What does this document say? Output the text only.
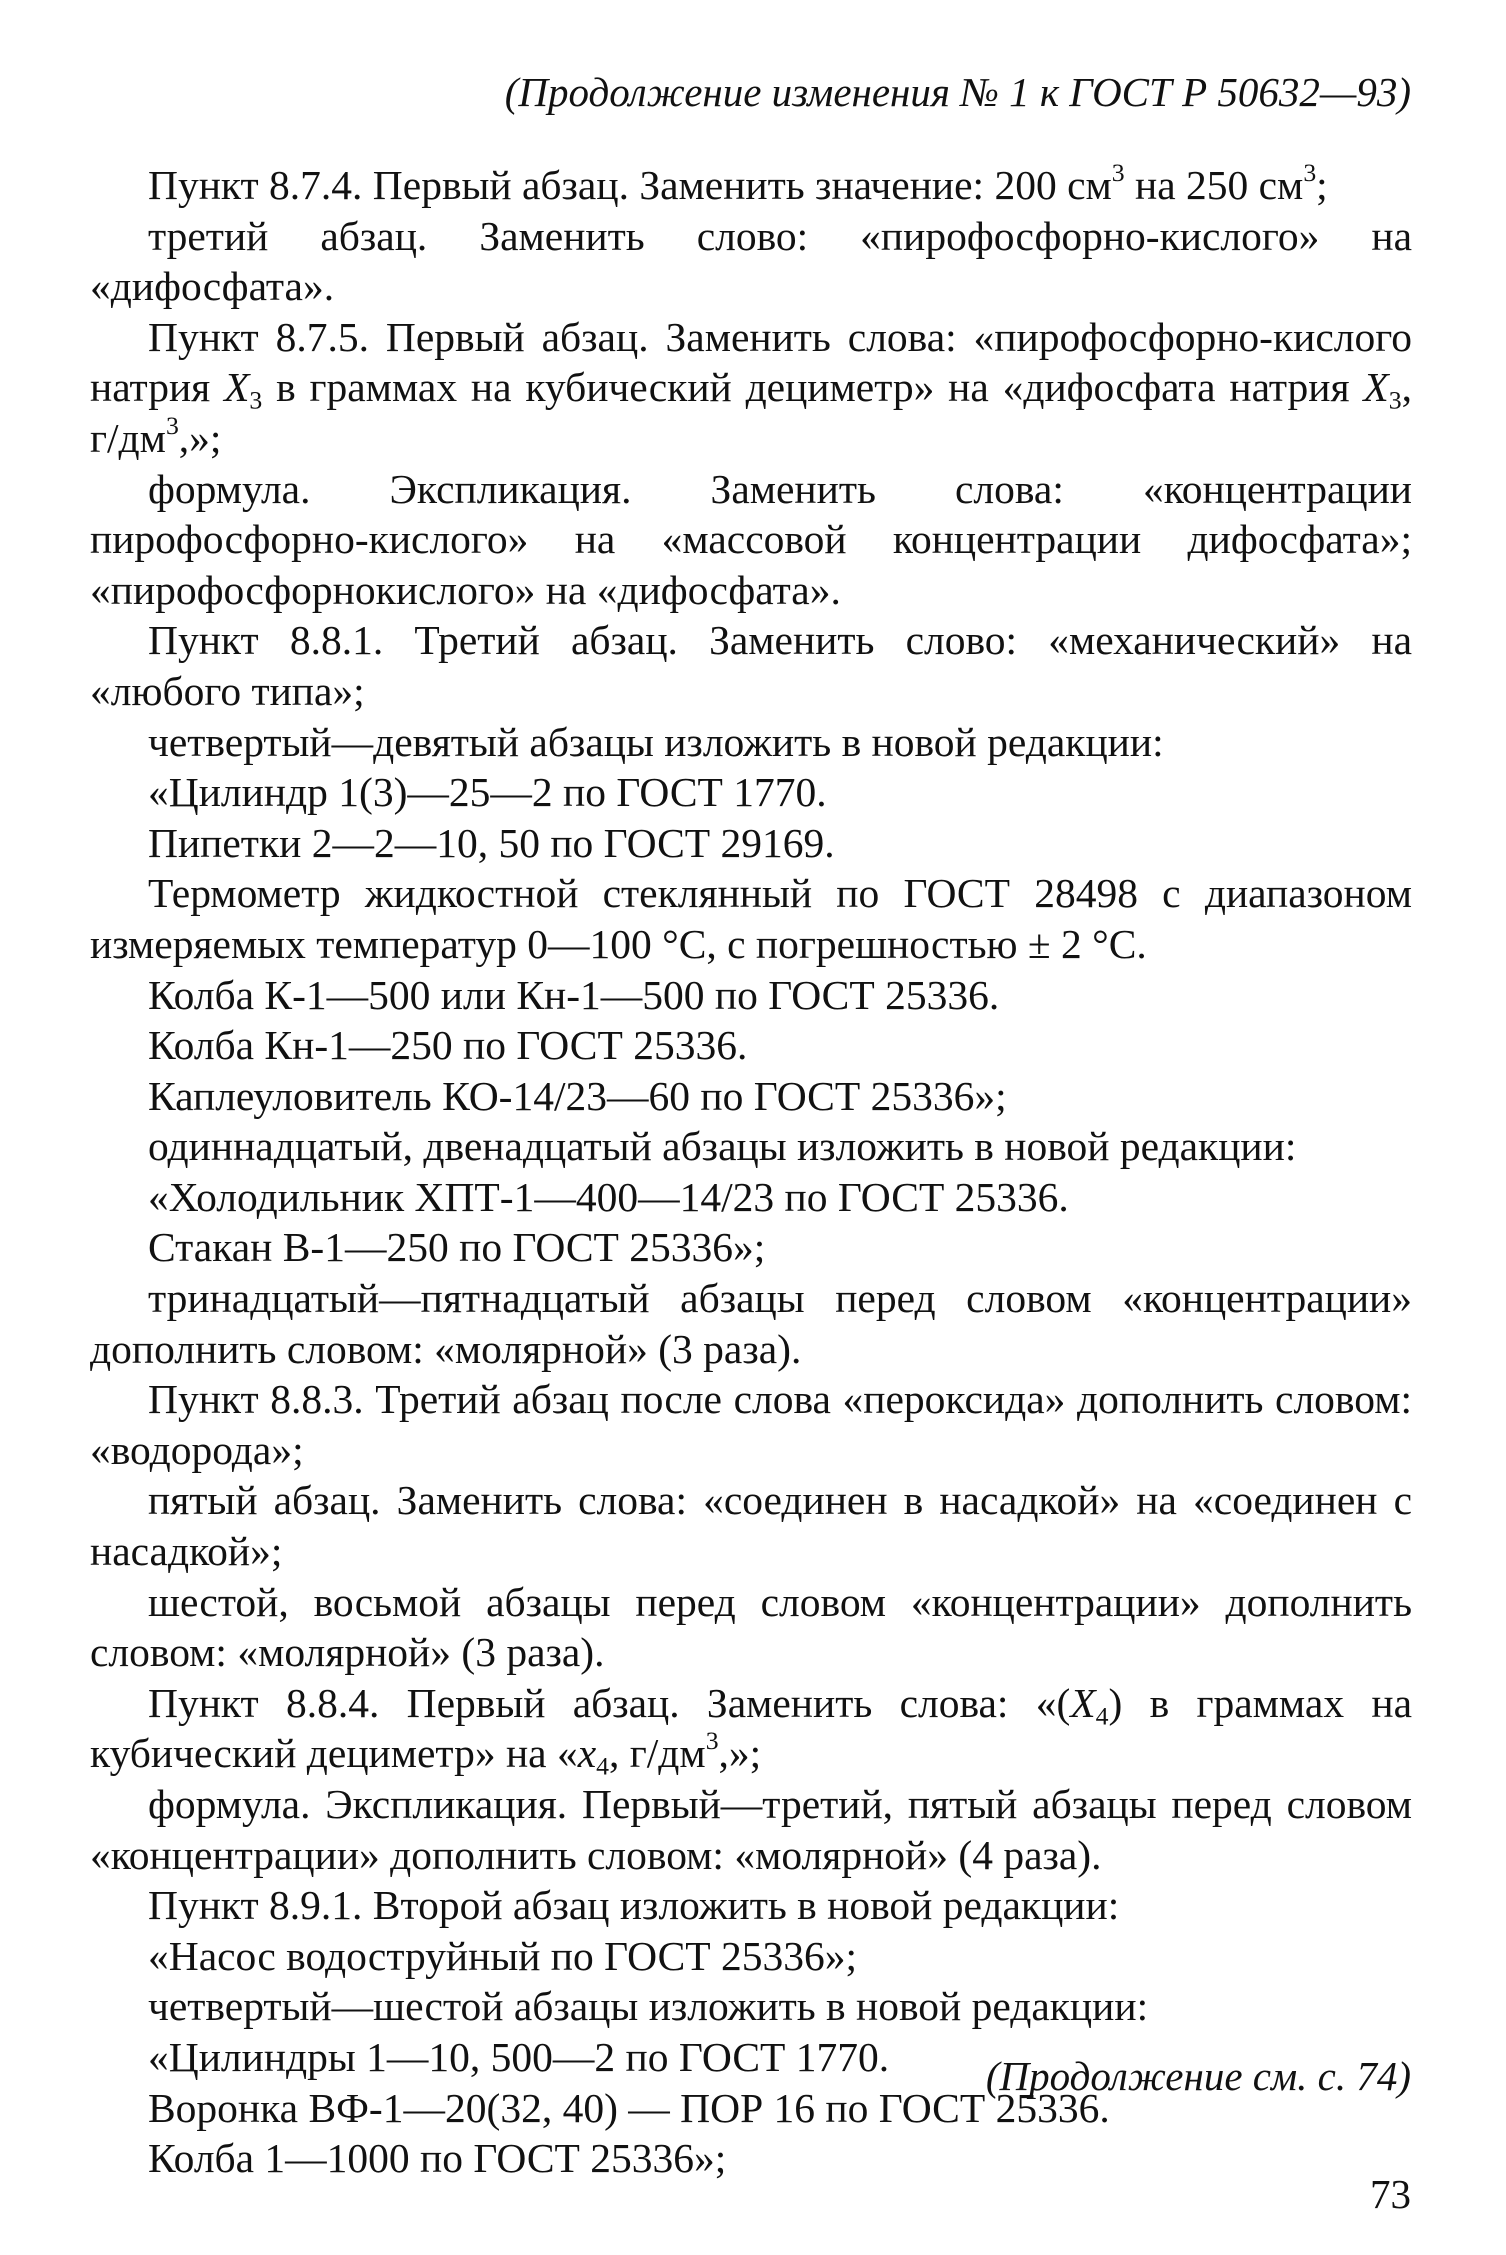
(Продолжение изменения № 1 к ГОСТ Р 50632—93)

Пункт 8.7.4. Первый абзац. Заменить значение: 200 $см^3$ на 250 $см^3$;

третий абзац. Заменить слово: «пирофосфорно-кислого» на «дифосфата».

Пункт 8.7.5. Первый абзац. Заменить слова: «пирофосфорно-кислого натрия $X_3$ в граммах на кубический дециметр» на «дифосфата натрия $X_3$, $г/дм^3$,»;

формула. Экспликация. Заменить слова: «концентрации пирофосфорно-кислого» на «массовой концентрации дифосфата»; «пирофосфорнокислого» на «дифосфата».

Пункт 8.8.1. Третий абзац. Заменить слово: «механический» на «любого типа»;

четвертый—девятый абзацы изложить в новой редакции:

«Цилиндр 1(3)—25—2 по ГОСТ 1770.

Пипетки 2—2—10, 50 по ГОСТ 29169.

Термометр жидкостной стеклянный по ГОСТ 28498 с диапазоном измеряемых температур 0—100 °С, с погрешностью ± 2 °С.

Колба К-1—500 или Кн-1—500 по ГОСТ 25336.

Колба Кн-1—250 по ГОСТ 25336.

Каплеуловитель КО-14/23—60 по ГОСТ 25336»;

одиннадцатый, двенадцатый абзацы изложить в новой редакции:

«Холодильник ХПТ-1—400—14/23 по ГОСТ 25336.

Стакан В-1—250 по ГОСТ 25336»;

тринадцатый—пятнадцатый абзацы перед словом «концентрации» дополнить словом: «молярной» (3 раза).

Пункт 8.8.3. Третий абзац после слова «пероксида» дополнить словом: «водорода»;

пятый абзац. Заменить слова: «соединен в насадкой» на «соединен с насадкой»;

шестой, восьмой абзацы перед словом «концентрации» дополнить словом: «молярной» (3 раза).

Пункт 8.8.4. Первый абзац. Заменить слова: «$(X_4)$ в граммах на кубический дециметр» на «$x_4$, $г/дм^3$,»;

формула. Экспликация. Первый—третий, пятый абзацы перед словом «концентрации» дополнить словом: «молярной» (4 раза).

Пункт 8.9.1. Второй абзац изложить в новой редакции:

«Насос водоструйный по ГОСТ 25336»;

четвертый—шестой абзацы изложить в новой редакции:

«Цилиндры 1—10, 500—2 по ГОСТ 1770.

Воронка ВФ-1—20(32, 40) — ПОР 16 по ГОСТ 25336.

Колба 1—1000 по ГОСТ 25336»;

(Продолжение см. с. 74)
73
